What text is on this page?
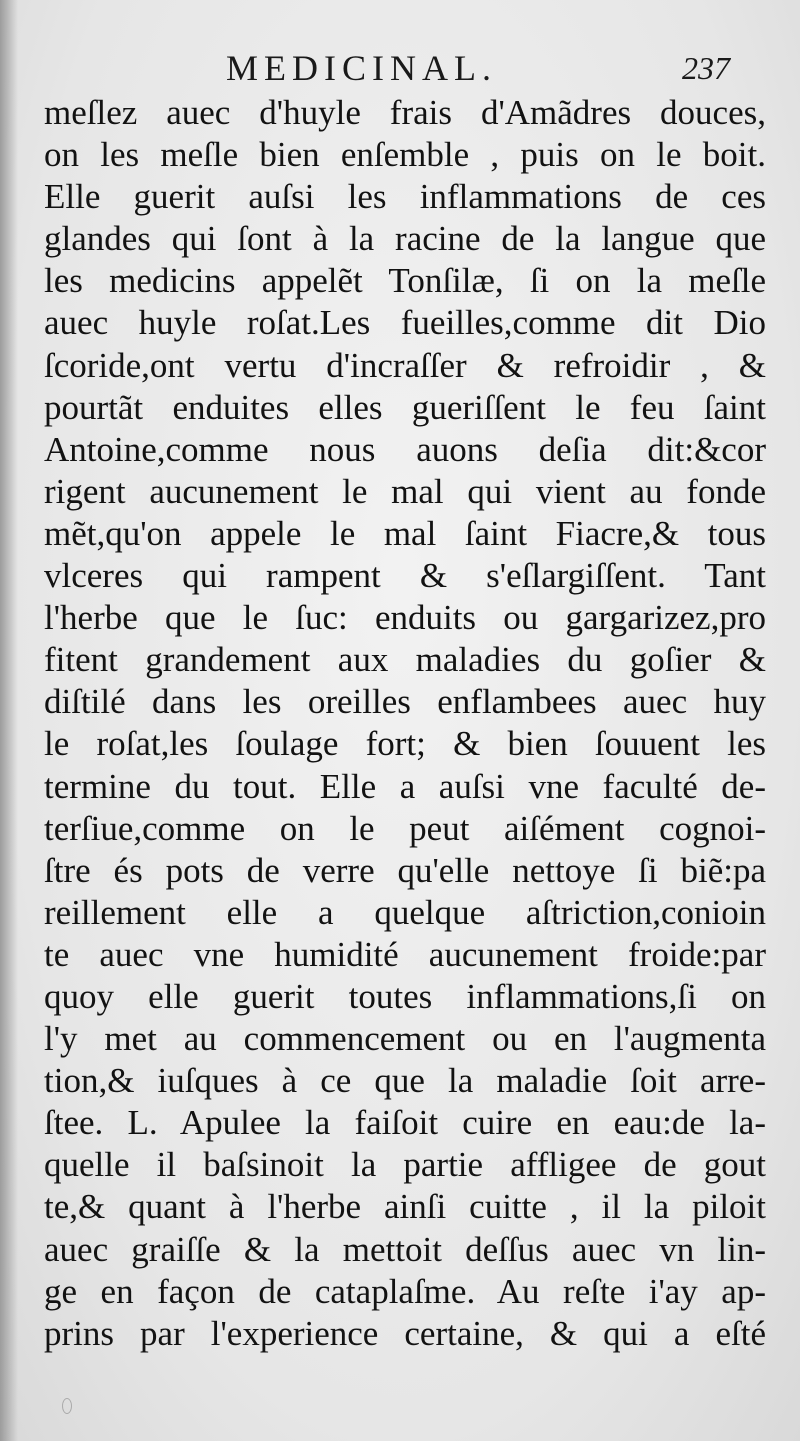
MEDICINAL.	237
meſlez auec d'huyle frais d'Amãdres douces,
on les meſle bien enſemble , puis on le boit.
Elle guerit auſsi les inflammations de ces
glandes qui ſont à la racine de la langue que
les medicins appelẽt Tonſilæ, ſi on la meſle
auec huyle roſat.Les fueilles,comme dit Dio
ſcoride,ont vertu d'incraſſer & refroidir , &
pourtãt enduites elles gueriſſent le feu ſaint
Antoine,comme nous auons deſia dit:&cor
rigent aucunement le mal qui vient au fonde
mẽt,qu'on appele le mal ſaint Fiacre,& tous
vlceres qui rampent & s'eſlargiſſent. Tant
l'herbe que le ſuc: enduits ou gargarizez,pro
fitent grandement aux maladies du goſier &
diſtilé dans les oreilles enflambees auec huy
le roſat,les ſoulage fort; & bien ſouuent les
termine du tout. Elle a auſsi vne faculté de-
terſiue,comme on le peut aiſément cognoi-
ſtre és pots de verre qu'elle nettoye ſi biẽ:pa
reillement elle a quelque aſtriction,conioin
te auec vne humidité aucunement froide:par
quoy elle guerit toutes inflammations,ſi on
l'y met au commencement ou en l'augmenta
tion,& iuſques à ce que la maladie ſoit arre-
ſtee. L. Apulee la faiſoit cuire en eau:de la-
quelle il baſsinoit la partie affligee de gout
te,& quant à l'herbe ainſi cuitte , il la piloit
auec graiſſe & la mettoit deſſus auec vn lin-
ge en façon de cataplaſme. Au reſte i'ay ap-
prins par l'experience certaine, & qui a eſté
